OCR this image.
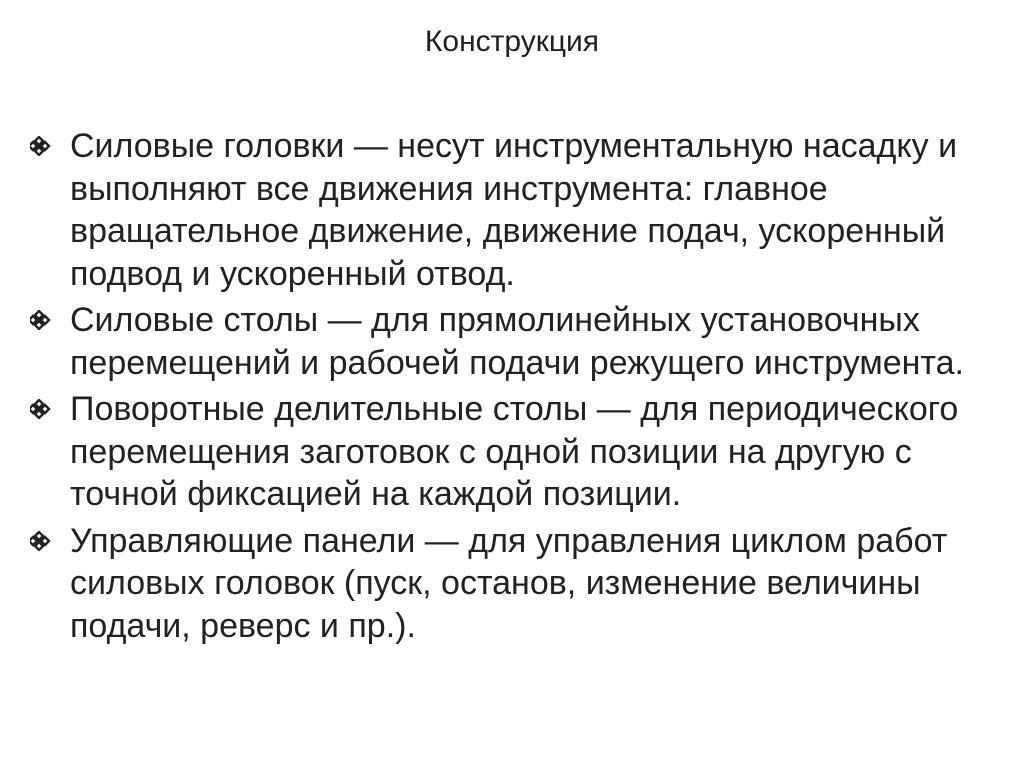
Конструкция
Силовые головки — несут инструментальную насадку и выполняют все движения инструмента: главное вращательное движение, движение подач, ускоренный подвод и ускоренный отвод.
Силовые столы — для прямолинейных установочных перемещений и рабочей подачи режущего инструмента.
Поворотные делительные столы — для периодического перемещения заготовок с одной позиции на другую с точной фиксацией на каждой позиции.
Управляющие панели — для управления циклом работ силовых головок (пуск, останов, изменение величины подачи, реверс и пр.).
